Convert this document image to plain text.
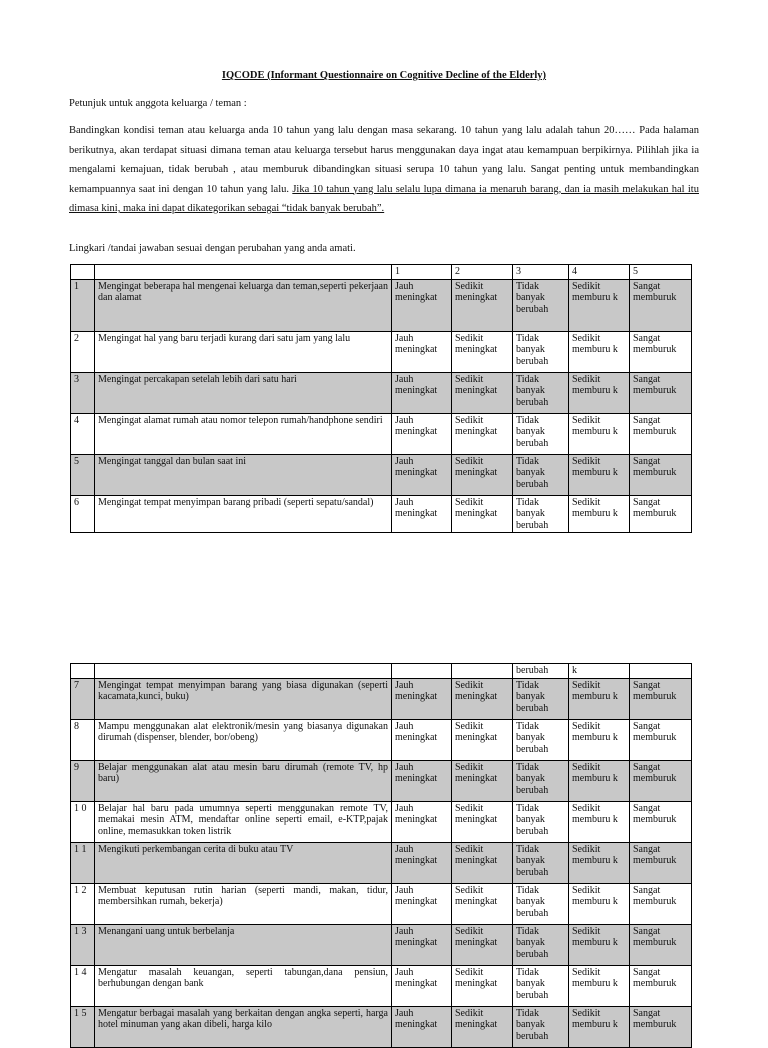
IQCODE (Informant Questionnaire on Cognitive Decline of the Elderly)
Petunjuk untuk anggota keluarga / teman :
Bandingkan kondisi teman atau keluarga anda 10 tahun yang lalu dengan masa sekarang. 10 tahun yang lalu adalah tahun 20…… Pada halaman berikutnya, akan terdapat situasi dimana teman atau keluarga tersebut harus menggunakan daya ingat atau kemampuan berpikirnya. Pilihlah jika ia mengalami kemajuan, tidak berubah , atau memburuk dibandingkan situasi serupa 10 tahun yang lalu. Sangat penting untuk membandingkan kemampuannya saat ini dengan 10 tahun yang lalu. Jika 10 tahun yang lalu selalu lupa dimana ia menaruh barang, dan ia masih melakukan hal itu dimasa kini, maka ini dapat dikategorikan sebagai “tidak banyak berubah”.
Lingkari /tandai jawaban sesuai dengan perubahan yang anda amati.
		1	2	3	4	5
1	Mengingat beberapa hal mengenai keluarga dan teman,seperti pekerjaan dan alamat	Jauh meningkat	Sedikit meningkat	Tidak banyak berubah	Sedikit memburu k	Sangat memburuk
2	Mengingat hal yang baru terjadi kurang dari satu jam yang lalu	Jauh meningkat	Sedikit meningkat	Tidak banyak berubah	Sedikit memburu k	Sangat memburuk
3	Mengingat percakapan setelah lebih dari satu hari	Jauh meningkat	Sedikit meningkat	Tidak banyak berubah	Sedikit memburu k	Sangat memburuk
4	Mengingat alamat rumah atau nomor telepon rumah/handphone sendiri	Jauh meningkat	Sedikit meningkat	Tidak banyak berubah	Sedikit memburu k	Sangat memburuk
5	Mengingat tanggal dan bulan saat ini	Jauh meningkat	Sedikit meningkat	Tidak banyak berubah	Sedikit memburu k	Sangat memburuk
6	Mengingat tempat menyimpan barang pribadi (seperti sepatu/sandal)	Jauh meningkat	Sedikit meningkat	Tidak banyak berubah	Sedikit memburu k	Sangat memburuk
				berubah	k	
7	Mengingat tempat menyimpan barang yang biasa digunakan (seperti kacamata,kunci, buku)	Jauh meningkat	Sedikit meningkat	Tidak banyak berubah	Sedikit memburu k	Sangat memburuk
8	Mampu menggunakan alat elektronik/mesin yang biasanya digunakan dirumah (dispenser, blender, bor/obeng)	Jauh meningkat	Sedikit meningkat	Tidak banyak berubah	Sedikit memburu k	Sangat memburuk
9	Belajar menggunakan alat atau mesin baru dirumah (remote TV, hp baru)	Jauh meningkat	Sedikit meningkat	Tidak banyak berubah	Sedikit memburu k	Sangat memburuk
1 0	Belajar hal baru pada umumnya seperti menggunakan remote TV, memakai mesin ATM, mendaftar online seperti email, e-KTP,pajak online, memasukkan token listrik	Jauh meningkat	Sedikit meningkat	Tidak banyak berubah	Sedikit memburu k	Sangat memburuk
1 1	Mengikuti perkembangan cerita di buku atau TV	Jauh meningkat	Sedikit meningkat	Tidak banyak berubah	Sedikit memburu k	Sangat memburuk
1 2	Membuat keputusan rutin harian (seperti mandi, makan, tidur, membersihkan rumah, bekerja)	Jauh meningkat	Sedikit meningkat	Tidak banyak berubah	Sedikit memburu k	Sangat memburuk
1 3	Menangani uang untuk berbelanja	Jauh meningkat	Sedikit meningkat	Tidak banyak berubah	Sedikit memburu k	Sangat memburuk
1 4	Mengatur masalah keuangan, seperti tabungan,dana pensiun, berhubungan dengan bank	Jauh meningkat	Sedikit meningkat	Tidak banyak berubah	Sedikit memburu k	Sangat memburuk
1 5	Mengatur berbagai masalah yang berkaitan dengan angka seperti, harga hotel minuman yang akan dibeli, harga kilo	Jauh meningkat	Sedikit meningkat	Tidak banyak berubah	Sedikit memburu k	Sangat memburuk
